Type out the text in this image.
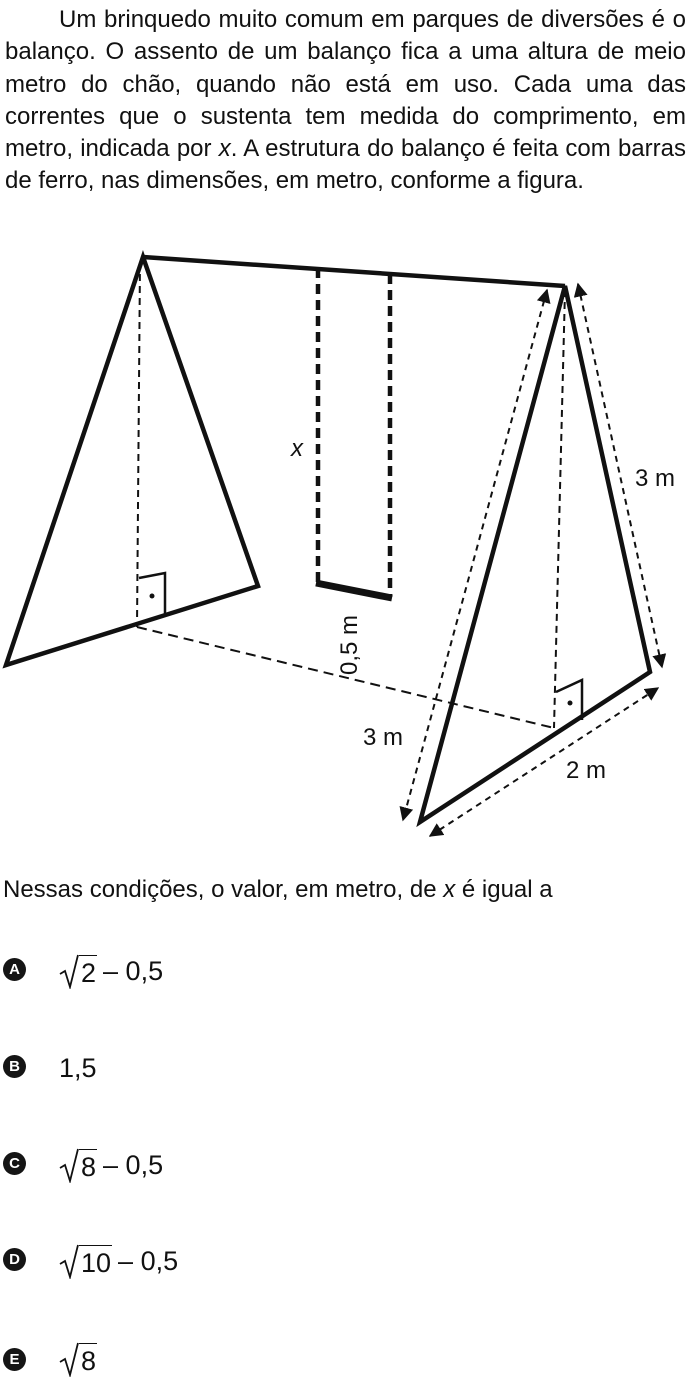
Um brinquedo muito comum em parques de diversões é o balanço. O assento de um balanço fica a uma altura de meio metro do chão, quando não está em uso. Cada uma das correntes que o sustenta tem medida do comprimento, em metro, indicada por x. A estrutura do balanço é feita com barras de ferro, nas dimensões, em metro, conforme a figura.
x
0,5 m
3 m
3 m
2 m
Nessas condições, o valor, em metro, de x é igual a
A 2 – 0,5
B 1,5
C 8 – 0,5
D 10 – 0,5
E 8
